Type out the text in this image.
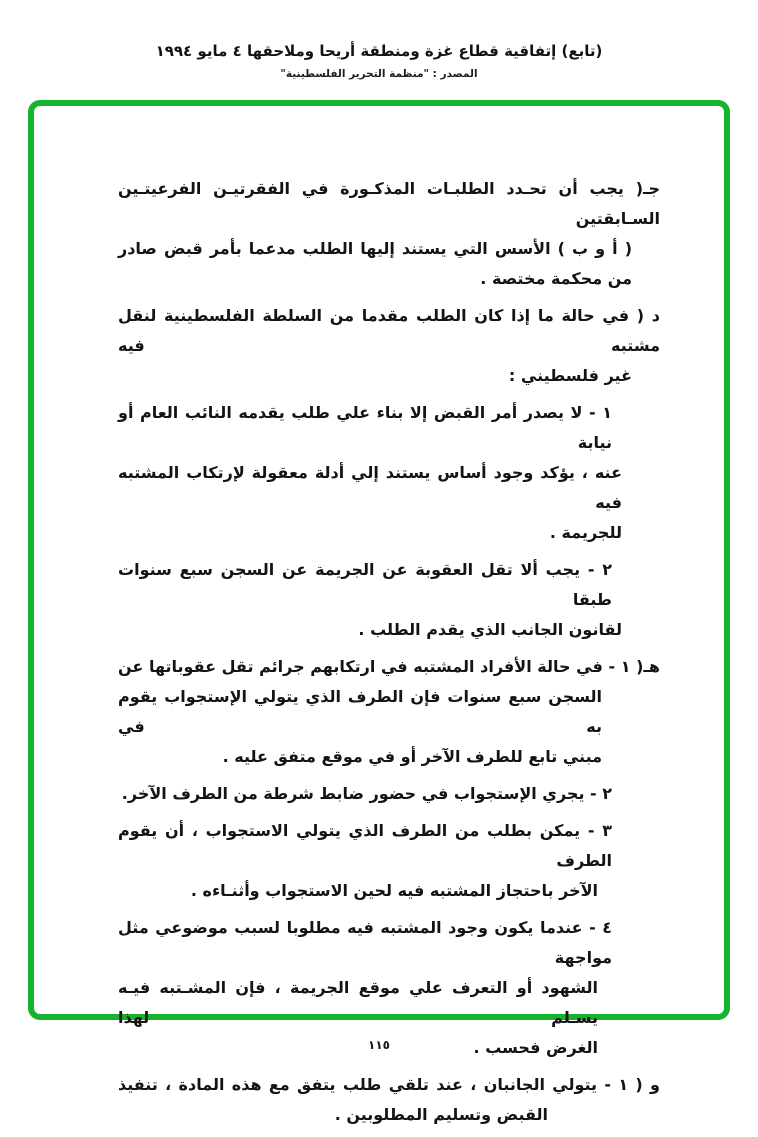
(تابع) إتفاقية قطاع غزة ومنطقة أريحا وملاحقها ٤ مايو ١٩٩٤
المصدر : "منظمة التحرير الفلسطينية"
جـ( يجب أن تحـدد الطلبـات المذكـورة في الفقرتيـن الفرعيتـين السـابقتين
( أ و ب ) الأسس التي يستند إليها الطلب مدعما بأمر قبض صادر
من محكمة مختصة .
د ( في حالة ما إذا كان الطلب مقدما من السلطة الفلسطينية لنقل مشتبه فيه
غير فلسطيني :
١ - لا يصدر أمر القبض إلا بناء علي طلب يقدمه النائب العام أو نيابة
عنه ، يؤكد وجود أساس يستند إلي أدلة معقولة لإرتكاب المشتبه فيه
للجريمة .
٢ - يجب ألا تقل العقوبة عن الجريمة عن السجن سبع سنوات طبقا
لقانون الجانب الذي يقدم الطلب .
هـ( ١ - في حالة الأفراد المشتبه في ارتكابهم جرائم تقل عقوباتها عن
السجن سبع سنوات فإن الطرف الذي يتولي الإستجواب يقوم به في
مبني تابع للطرف الآخر أو في موقع متفق عليه .
٢ - يجري الإستجواب في حضور ضابط شرطة من الطرف الآخر.
٣ - يمكن بطلب من الطرف الذي يتولي الاستجواب ، أن يقوم الطرف
الآخر باحتجاز المشتبه فيه لحين الاستجواب وأثنـاءه .
٤ - عندما يكون وجود المشتبه فيه مطلوبا لسبب موضوعي مثل مواجهة
الشهود أو التعرف علي موقع الجريمة ، فإن المشـتبه فيـه يسـلم لهذا
الغرض فحسب .
و ( ١ - يتولي الجانبان ، عند تلقي طلب يتفق مع هذه المادة ، تنفيذ
القبض وتسليم المطلوبين .
١١٥
